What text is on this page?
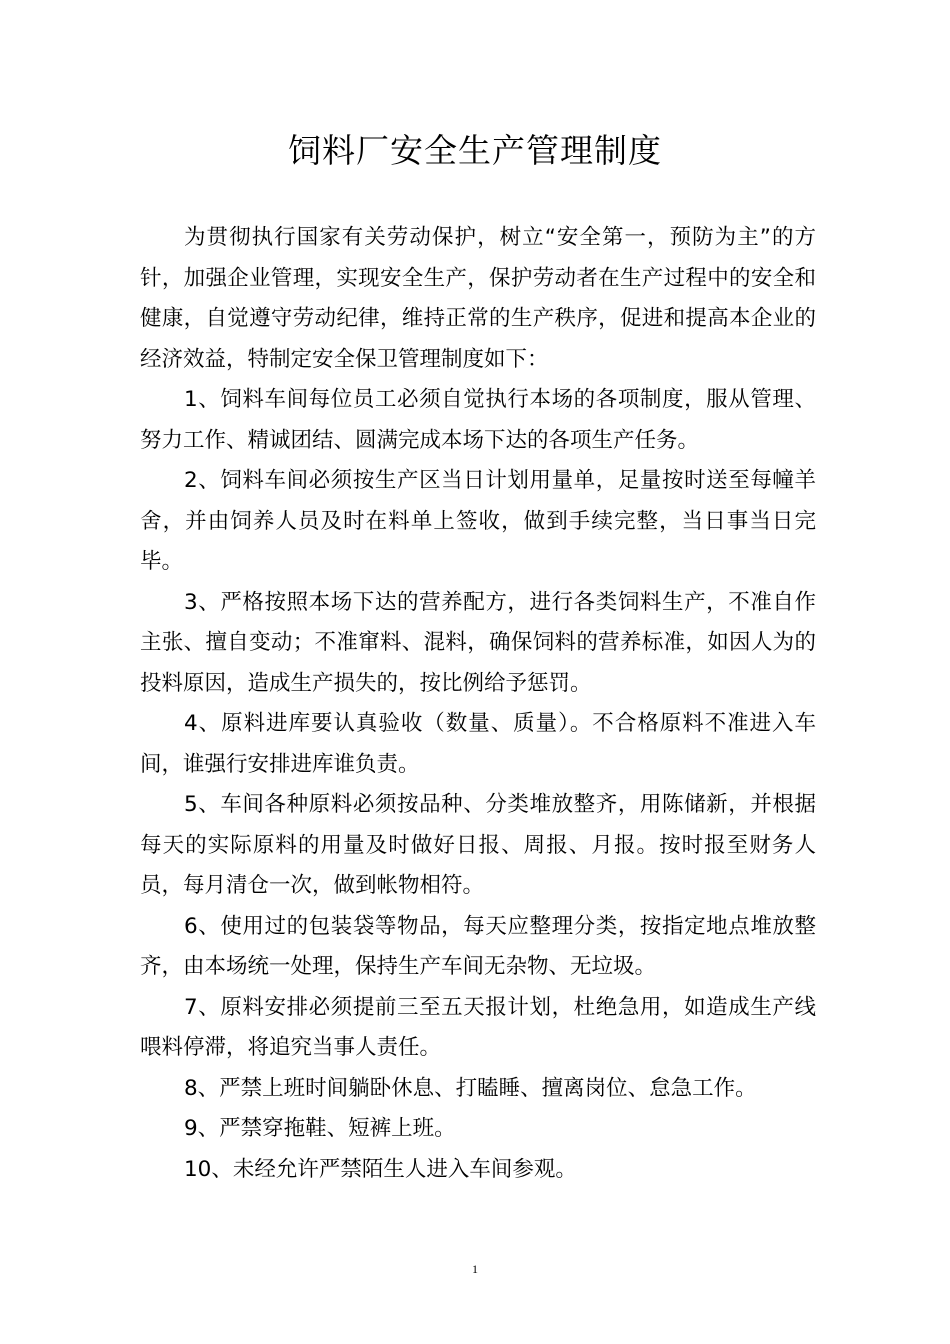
饲料厂安全生产管理制度

为贯彻执行国家有关劳动保护，树立“安全第一，预防为主”的方针，加强企业管理，实现安全生产，保护劳动者在生产过程中的安全和健康，自觉遵守劳动纪律，维持正常的生产秩序，促进和提高本企业的经济效益，特制定安全保卫管理制度如下：

1、饲料车间每位员工必须自觉执行本场的各项制度，服从管理、努力工作、精诚团结、圆满完成本场下达的各项生产任务。

2、饲料车间必须按生产区当日计划用量单，足量按时送至每幢羊舍，并由饲养人员及时在料单上签收，做到手续完整，当日事当日完毕。

3、严格按照本场下达的营养配方，进行各类饲料生产，不准自作主张、擅自变动；不准窜料、混料，确保饲料的营养标准，如因人为的投料原因，造成生产损失的，按比例给予惩罚。

4、原料进库要认真验收（数量、质量）。不合格原料不准进入车间，谁强行安排进库谁负责。

5、车间各种原料必须按品种、分类堆放整齐，用陈储新，并根据每天的实际原料的用量及时做好日报、周报、月报。按时报至财务人员，每月清仓一次，做到帐物相符。

6、使用过的包装袋等物品，每天应整理分类，按指定地点堆放整齐，由本场统一处理，保持生产车间无杂物、无垃圾。

7、原料安排必须提前三至五天报计划，杜绝急用，如造成生产线喂料停滞，将追究当事人责任。

8、严禁上班时间躺卧休息、打瞌睡、擅离岗位、怠急工作。

9、严禁穿拖鞋、短裤上班。

10、未经允许严禁陌生人进入车间参观。

1
